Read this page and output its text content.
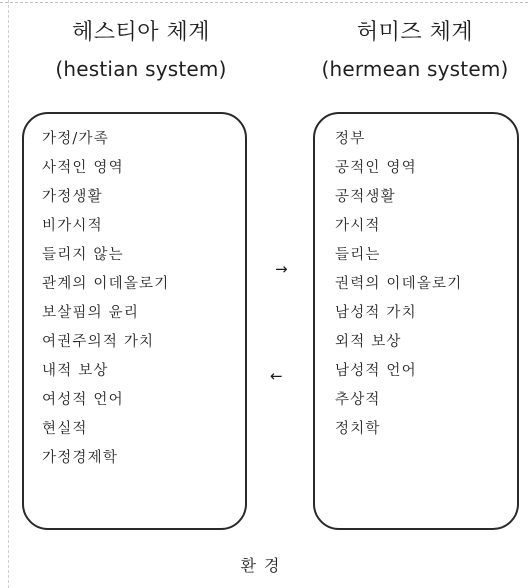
헤스티아 체계
(hestian system)
허미즈 체계
(hermean system)
가정/가족
사적인 영역
가정생활
비가시적
들리지 않는
관계의 이데올로기
보살핌의 윤리
여권주의적 가치
내적 보상
여성적 언어
현실적
가정경제학
정부
공적인 영역
공적생활
가시적
들리는
권력의 이데올로기
남성적 가치
외적 보상
남성적 언어
추상적
정치학
→
←
환경
